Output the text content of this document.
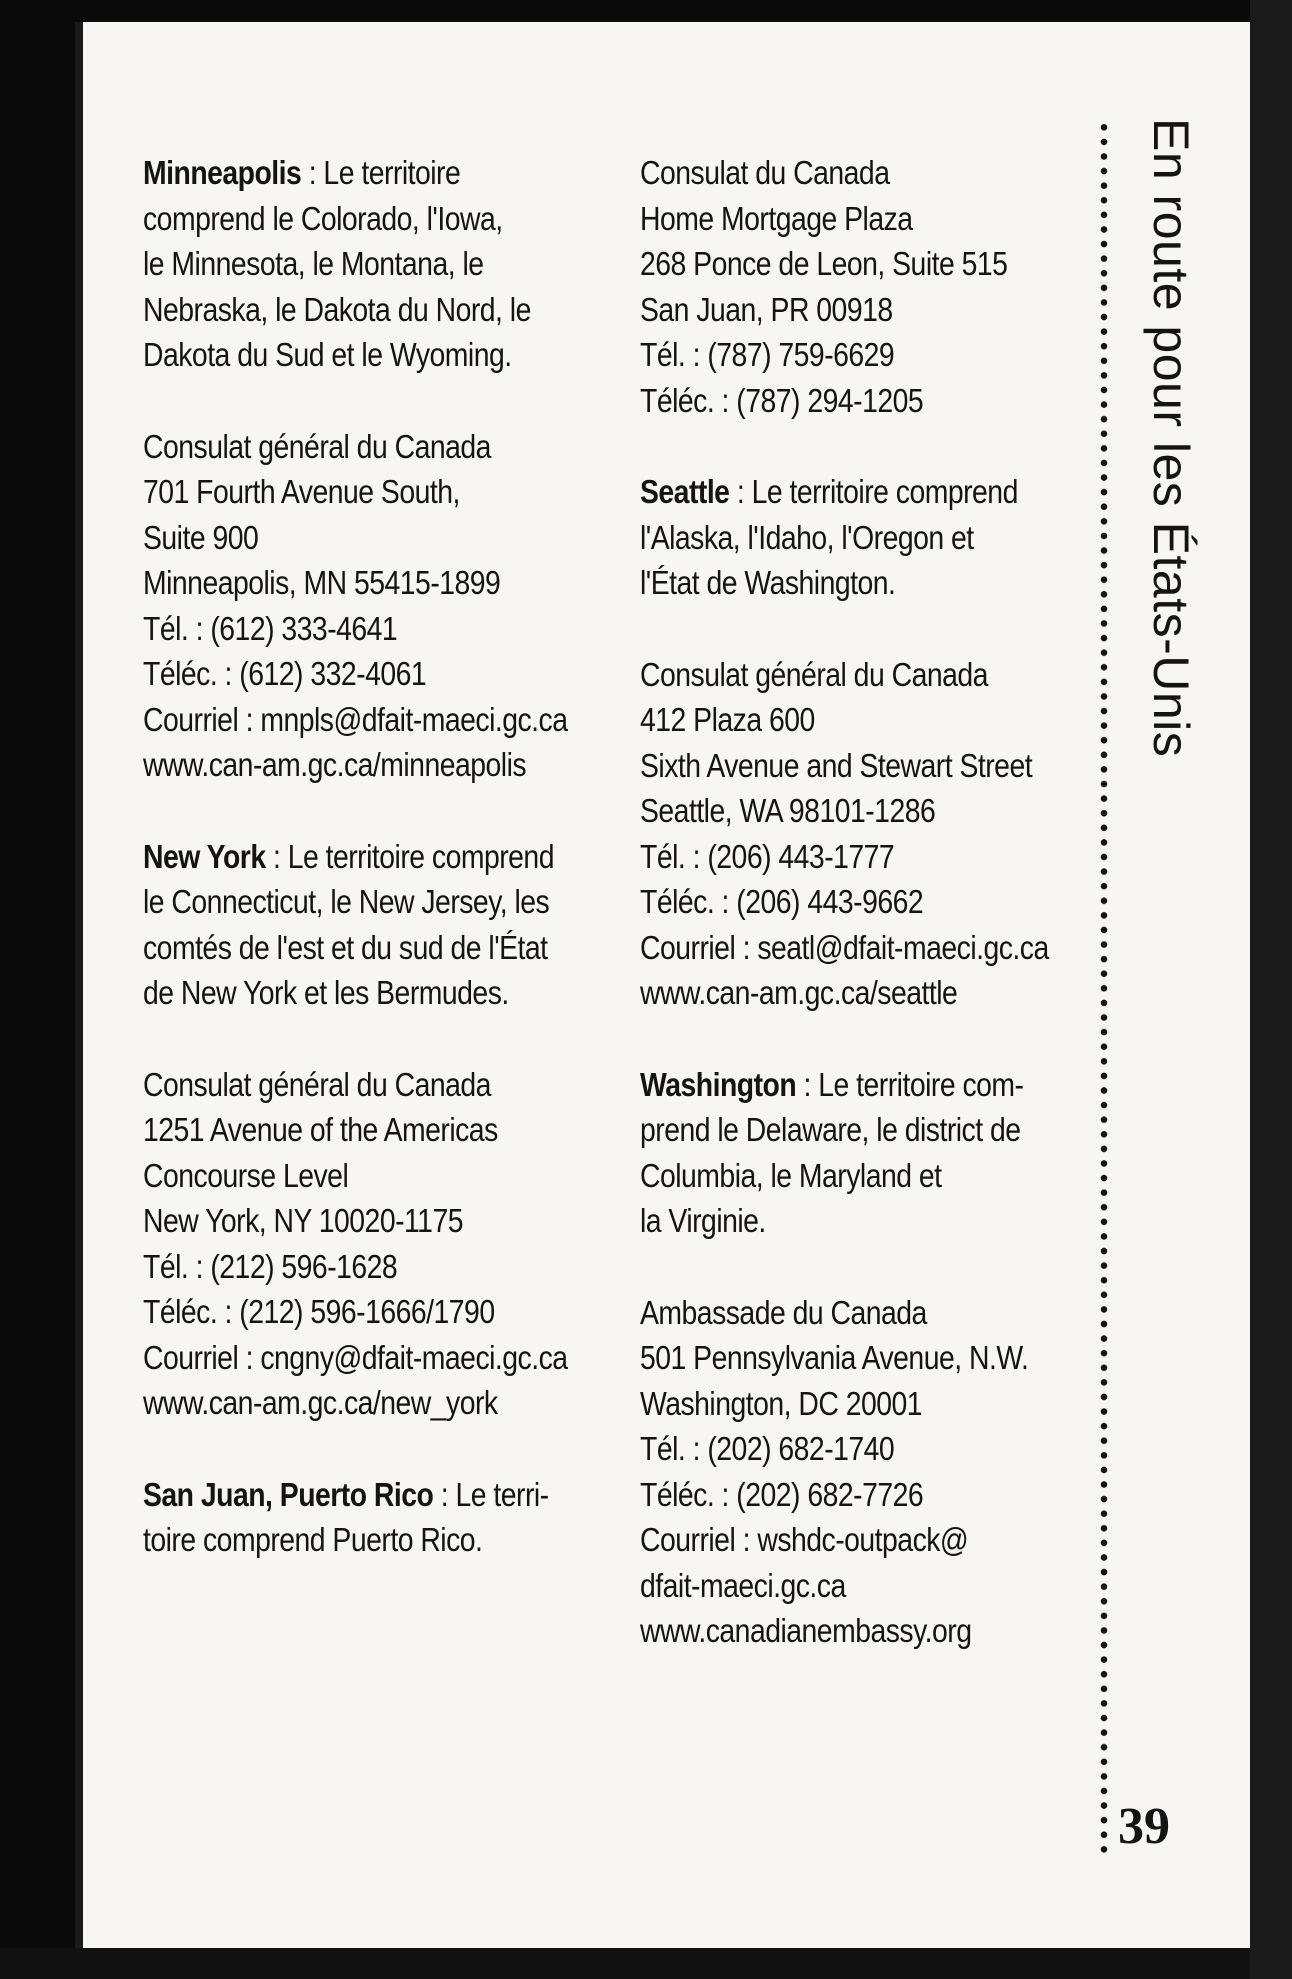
Minneapolis : Le territoire
comprend le Colorado, l'Iowa,
le Minnesota, le Montana, le
Nebraska, le Dakota du Nord, le
Dakota du Sud et le Wyoming.
Consulat général du Canada
701 Fourth Avenue South,
Suite 900
Minneapolis, MN 55415-1899
Tél. : (612) 333-4641
Téléc. : (612) 332-4061
Courriel : mnpls@dfait-maeci.gc.ca
www.can-am.gc.ca/minneapolis
New York : Le territoire comprend
le Connecticut, le New Jersey, les
comtés de l'est et du sud de l'État
de New York et les Bermudes.
Consulat général du Canada
1251 Avenue of the Americas
Concourse Level
New York, NY 10020-1175
Tél. : (212) 596-1628
Téléc. : (212) 596-1666/1790
Courriel : cngny@dfait-maeci.gc.ca
www.can-am.gc.ca/new_york
San Juan, Puerto Rico : Le terri-
toire comprend Puerto Rico.
Consulat du Canada
Home Mortgage Plaza
268 Ponce de Leon, Suite 515
San Juan, PR 00918
Tél. : (787) 759-6629
Téléc. : (787) 294-1205
Seattle : Le territoire comprend
l'Alaska, l'Idaho, l'Oregon et
l'État de Washington.
Consulat général du Canada
412 Plaza 600
Sixth Avenue and Stewart Street
Seattle, WA 98101-1286
Tél. : (206) 443-1777
Téléc. : (206) 443-9662
Courriel : seatl@dfait-maeci.gc.ca
www.can-am.gc.ca/seattle
Washington : Le territoire com-
prend le Delaware, le district de
Columbia, le Maryland et
la Virginie.
Ambassade du Canada
501 Pennsylvania Avenue, N.W.
Washington, DC 20001
Tél. : (202) 682-1740
Téléc. : (202) 682-7726
Courriel : wshdc-outpack@
dfait-maeci.gc.ca
www.canadianembassy.org
En route pour les États-Unis
39
